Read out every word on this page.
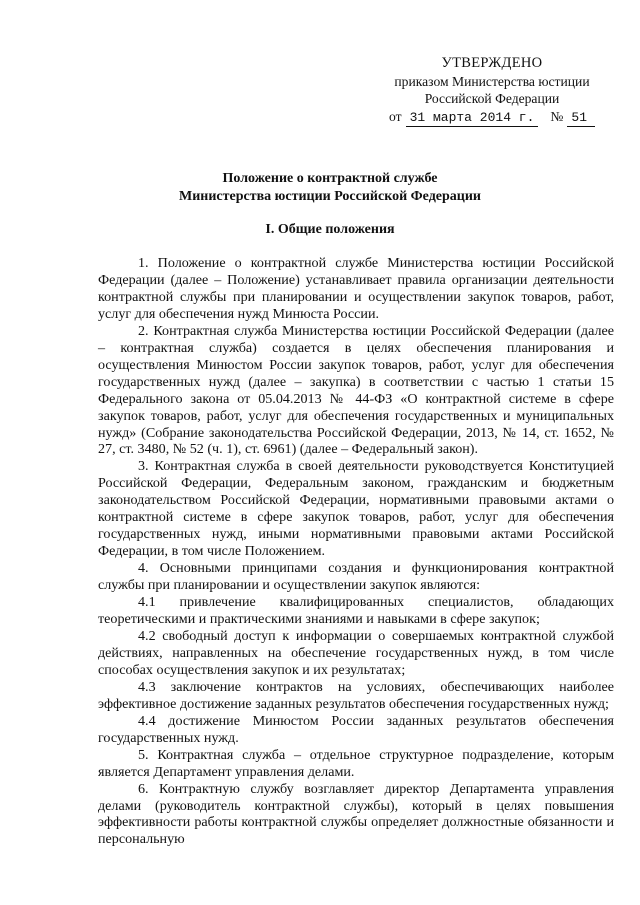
УТВЕРЖДЕНО
приказом Министерства юстиции
Российской Федерации
от 31 марта 2014 г. № 51
Положение о контрактной службе
Министерства юстиции Российской Федерации
I. Общие положения

1. Положение о контрактной службе Министерства юстиции Российской Федерации (далее – Положение) устанавливает правила организации деятельности контрактной службы при планировании и осуществлении закупок товаров, работ, услуг для обеспечения нужд Минюста России.

2. Контрактная служба Министерства юстиции Российской Федерации (далее – контрактная служба) создается в целях обеспечения планирования и осуществления Минюстом России закупок товаров, работ, услуг для обеспечения государственных нужд (далее – закупка) в соответствии с частью 1 статьи 15 Федерального закона от 05.04.2013 № 44-ФЗ «О контрактной системе в сфере закупок товаров, работ, услуг для обеспечения государственных и муниципальных нужд» (Собрание законодательства Российской Федерации, 2013, № 14, ст. 1652, № 27, ст. 3480, № 52 (ч. 1), ст. 6961) (далее – Федеральный закон).

3. Контрактная служба в своей деятельности руководствуется Конституцией Российской Федерации, Федеральным законом, гражданским и бюджетным законодательством Российской Федерации, нормативными правовыми актами о контрактной системе в сфере закупок товаров, работ, услуг для обеспечения государственных нужд, иными нормативными правовыми актами Российской Федерации, в том числе Положением.

4. Основными принципами создания и функционирования контрактной службы при планировании и осуществлении закупок являются:

4.1 привлечение квалифицированных специалистов, обладающих теоретическими и практическими знаниями и навыками в сфере закупок;

4.2 свободный доступ к информации о совершаемых контрактной службой действиях, направленных на обеспечение государственных нужд, в том числе способах осуществления закупок и их результатах;

4.3 заключение контрактов на условиях, обеспечивающих наиболее эффективное достижение заданных результатов обеспечения государственных нужд;

4.4 достижение Минюстом России заданных результатов обеспечения государственных нужд.

5. Контрактная служба – отдельное структурное подразделение, которым является Департамент управления делами.

6. Контрактную службу возглавляет директор Департамента управления делами (руководитель контрактной службы), который в целях повышения эффективности работы контрактной службы определяет должностные обязанности и персональную
